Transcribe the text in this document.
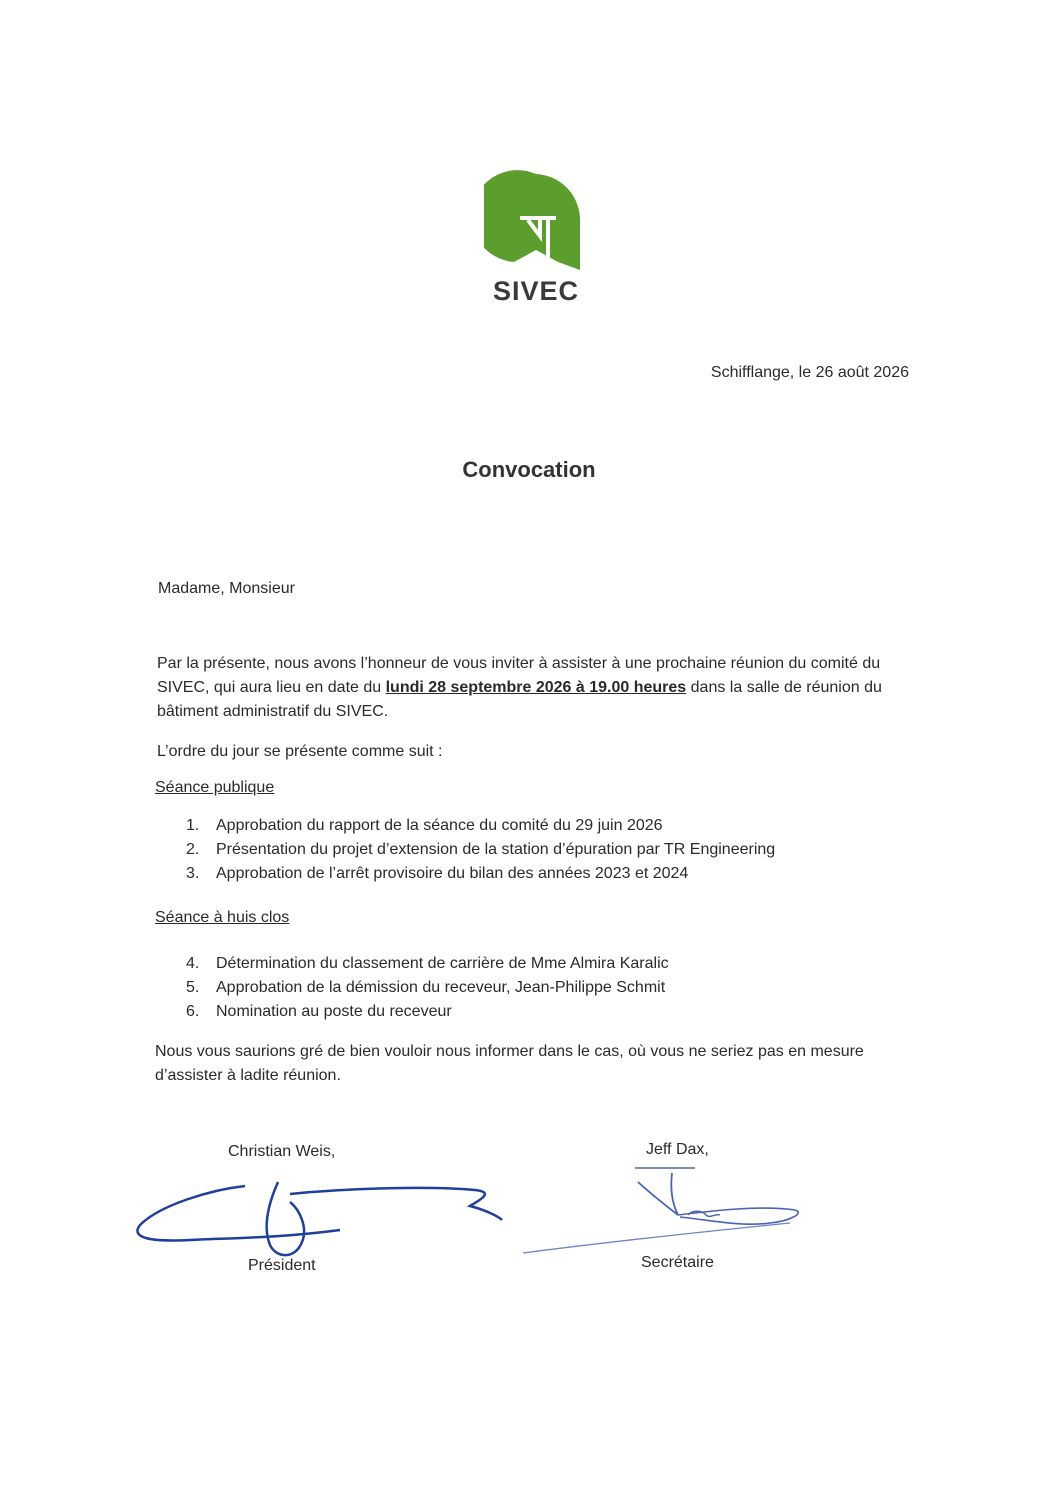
SIVEC
Schifflange, le 26 août 2026
Convocation
Madame, Monsieur
Par la présente, nous avons l’honneur de vous inviter à assister à une prochaine réunion du comité du SIVEC, qui aura lieu en date du lundi 28 septembre 2026 à 19.00 heures dans la salle de réunion du bâtiment administratif du SIVEC.
L’ordre du jour se présente comme suit :
Séance publique
1.	Approbation du rapport de la séance du comité du 29 juin 2026
2.	Présentation du projet d’extension de la station d’épuration par TR Engineering
3.	Approbation de l’arrêt provisoire du bilan des années 2023 et 2024
Séance à huis clos
4.	Détermination du classement de carrière de Mme Almira Karalic
5.	Approbation de la démission du receveur, Jean-Philippe Schmit
6.	Nomination au poste du receveur
Nous vous saurions gré de bien vouloir nous informer dans le cas, où vous ne seriez pas en mesure d’assister à ladite réunion.
Christian Weis,	Jeff Dax,
Président	Secrétaire
